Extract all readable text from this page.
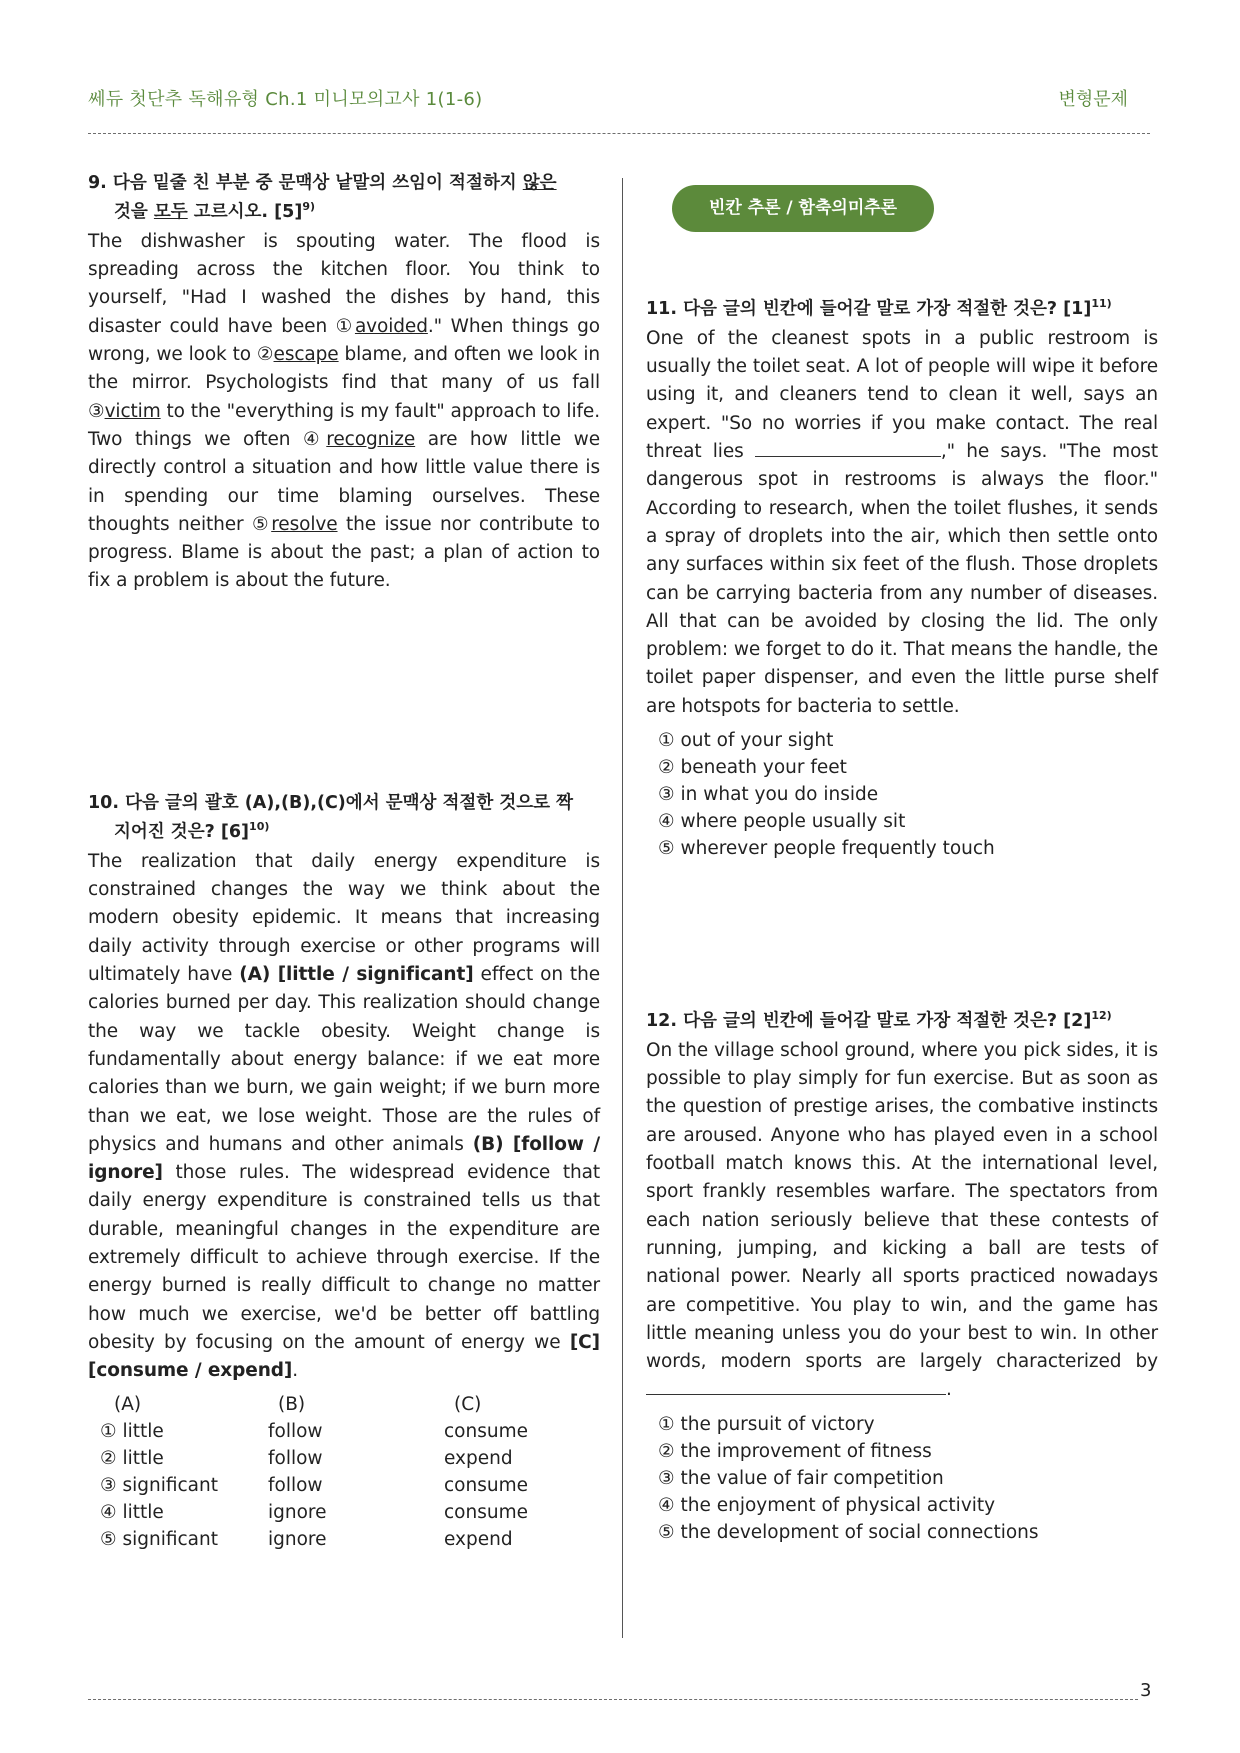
쎄듀 첫단추 독해유형 Ch.1 미니모의고사 1(1-6)	변형문제
9. 다음 밑줄 친 부분 중 문맥상 낱말의 쓰임이 적절하지 않은
것을 모두 고르시오. $[5]^{9)}$

The dishwasher is spouting water. The flood is spreading across the kitchen floor. You think to yourself, "Had I washed the dishes by hand, this disaster could have been ①avoided." When things go wrong, we look to ②escape blame, and often we look in the mirror. Psychologists find that many of us fall ③victim to the "everything is my fault" approach to life. Two things we often ④recognize are how little we directly control a situation and how little value there is in spending our time blaming ourselves. These thoughts neither ⑤resolve the issue nor contribute to progress. Blame is about the past; a plan of action to fix a problem is about the future.

10. 다음 글의 괄호 (A),(B),(C)에서 문맥상 적절한 것으로 짝
지어진 것은? $[6]^{10)}$

The realization that daily energy expenditure is constrained changes the way we think about the modern obesity epidemic. It means that increasing daily activity through exercise or other programs will ultimately have (A) [little / significant] effect on the calories burned per day. This realization should change the way we tackle obesity. Weight change is fundamentally about energy balance: if we eat more calories than we burn, we gain weight; if we burn more than we eat, we lose weight. Those are the rules of physics and humans and other animals (B) [follow / ignore] those rules. The widespread evidence that daily energy expenditure is constrained tells us that durable, meaningful changes in the expenditure are extremely difficult to achieve through exercise. If the energy burned is really difficult to change no matter how much we exercise, we'd be better off battling obesity by focusing on the amount of energy we [C] [consume / expend].

(A)	(B)	(C)
① little	follow	consume
② little	follow	expend
③ significant	follow	consume
④ little	ignore	consume
⑤ significant	ignore	expend
빈칸 추론 / 함축의미추론
11. 다음 글의 빈칸에 들어갈 말로 가장 적절한 것은? $[1]^{11)}$

One of the cleanest spots in a public restroom is usually the toilet seat. A lot of people will wipe it before using it, and cleaners tend to clean it well, says an expert. "So no worries if you make contact. The real threat lies	," he says. "The most dangerous spot in restrooms is always the floor." According to research, when the toilet flushes, it sends a spray of droplets into the air, which then settle onto any surfaces within six feet of the flush. Those droplets can be carrying bacteria from any number of diseases. All that can be avoided by closing the lid. The only problem: we forget to do it. That means the handle, the toilet paper dispenser, and even the little purse shelf are hotspots for bacteria to settle.

① out of your sight
② beneath your feet
③ in what you do inside
④ where people usually sit
⑤ wherever people frequently touch
12. 다음 글의 빈칸에 들어갈 말로 가장 적절한 것은? $[2]^{12)}$

On the village school ground, where you pick sides, it is possible to play simply for fun exercise. But as soon as the question of prestige arises, the combative instincts are aroused. Anyone who has played even in a school football match knows this. At the international level, sport frankly resembles warfare. The spectators from each nation seriously believe that these contests of running, jumping, and kicking a ball are tests of national power. Nearly all sports practiced nowadays are competitive. You play to win, and the game has little meaning unless you do your best to win. In other words, modern sports are largely characterized by .

① the pursuit of victory
② the improvement of fitness
③ the value of fair competition
④ the enjoyment of physical activity
⑤ the development of social connections
3
